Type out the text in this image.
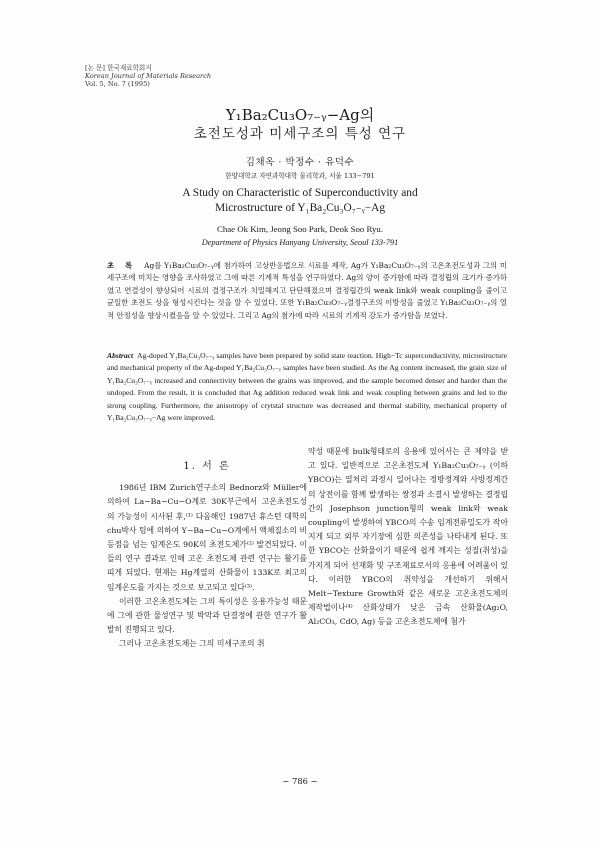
[논 문] 한국재료학회지
Korean Journal of Materials Research
Vol. 5, No. 7 (1995)
Y₁Ba₂Cu₃O₇₋ᵧ−Ag의
초전도성과 미세구조의 특성 연구
김채옥 · 박정수 · 유덕수
한양대학교 자연과학대학 물리학과, 서울 133−791
A Study on Characteristic of Superconductivity and
Microstructure of Y₁Ba₂Cu₃O₇₋ᵧ−Ag
Chae Ok Kim, Jeong Soo Park, Deok Soo Ryu.
Department of Physics Hanyang University, Seoul 133-791
초 록 Ag를 Y₁Ba₂Cu₃O₇₋ᵧ에 첨가하여 고상반응법으로 시료를 제작, Ag가 Y₁Ba₂Cu₃O₇₋ᵧ의 고온초전도성과 그의 미세구조에 미치는 영향을 조사하였고 그에 따른 기계적 특성을 연구하였다. Ag의 양이 증가함에 따라 결정립의 크기가 증가하였고 연결성이 향상되어 시료의 결정구조가 치밀해지고 단단해졌으며 결정립간의 weak link와 weak coupling을 줄이고 균일한 초전도 상을 형성시킨다는 것을 알 수 있었다. 또한 Y₁Ba₂Cu₃O₇₋ᵧ결정구조의 이방성을 줄였고 Y₁Ba₂Cu₃O₇₋ᵧ의 열적 안정성을 향상시켰음을 알 수 있었다. 그리고 Ag의 첨가에 따라 시료의 기계적 강도가 증가함을 보였다.
Abstract Ag-doped Y₁Ba₂Cu₃O₇₋ᵧ samples have been prepared by solid state reaction. High−Tc superconductivity, microstructure and mechanical property of the Ag-doped Y₁Ba₂Cu₃O₇₋ᵧ samples have been studied. As the Ag content increased, the grain size of Y₁Ba₂Cu₃O₇₋ᵧ increased and connectivity between the grains was improved, and the sample becomed denser and harder than the undoped. From the result, it is concluded that Ag addition reduced weak link and weak coupling between grains and led to the strong coupling. Furthermore, the anisotropy of crytstal structure was decreased and thermal stability, mechanical property of Y₁Ba₂Cu₃O₇₋ᵧ−Ag were improved.
1. 서 론

1986년 IBM Zurich연구소의 Bednorz와 Müller에 의하여 La−Ba−Cu−O계로 30K부근에서 고온초전도성의 가능성이 시사된 후,⁽¹⁾ 다음해인 1987년 휴스턴 대학의 chu박사 팀에 의하여 Y−Ba−Cu−O계에서 액체질소의 비등점을 넘는 임계온도 90K의 초전도체가⁽²⁾ 발견되었다. 이들의 연구 결과로 인해 고온 초전도체 관련 연구는 활기를 띠게 되었다. 현재는 Hg계열의 산화물이 133K로 최고의 임계온도를 가지는 것으로 보고되고 있다⁽³⁾.

이러한 고온초전도체는 그의 특이성은 응용가능성 때문에 그에 관한 물성연구 및 박막과 단결정에 관한 연구가 활발히 진행되고 있다.

그러나 고온초전도체는 그의 미세구조의 취

약성 때문에 bulk형태로의 응용에 있어서는 큰 제약을 받고 있다. 일반적으로 고온초전도체 Y₁Ba₂Cu₃O₇₋ᵧ (이하 YBCO)는 열처리 과정시 일어나는 정방정계와 사방정계간의 상전이를 함께 발생하는 쌍정과 소결시 발생하는 결정립 간의 Josephson junction형의 weak link와 weak coupling이 발생하여 YBCO의 수송 임계전류밀도가 작아지게 되고 외부 자기장에 심한 의존성을 나타내게 된다. 또한 YBCO는 산화물이기 때문에 쉽게 깨지는 성질(취성)을 가지게 되어 선재화 및 구조재료로서의 응용에 어려움이 있다. 이러한 YBCO의 취약성을 개선하기 위해서 Melt−Texture Growth와 같은 새로운 고온초전도체의 제작법이나⁽⁴⁾ 산화상태가 낮은 금속 산화물(Ag₂O, Al₂CO₃, CdO, Ag) 등을 고온초전도체에 첨가

− 786 −
